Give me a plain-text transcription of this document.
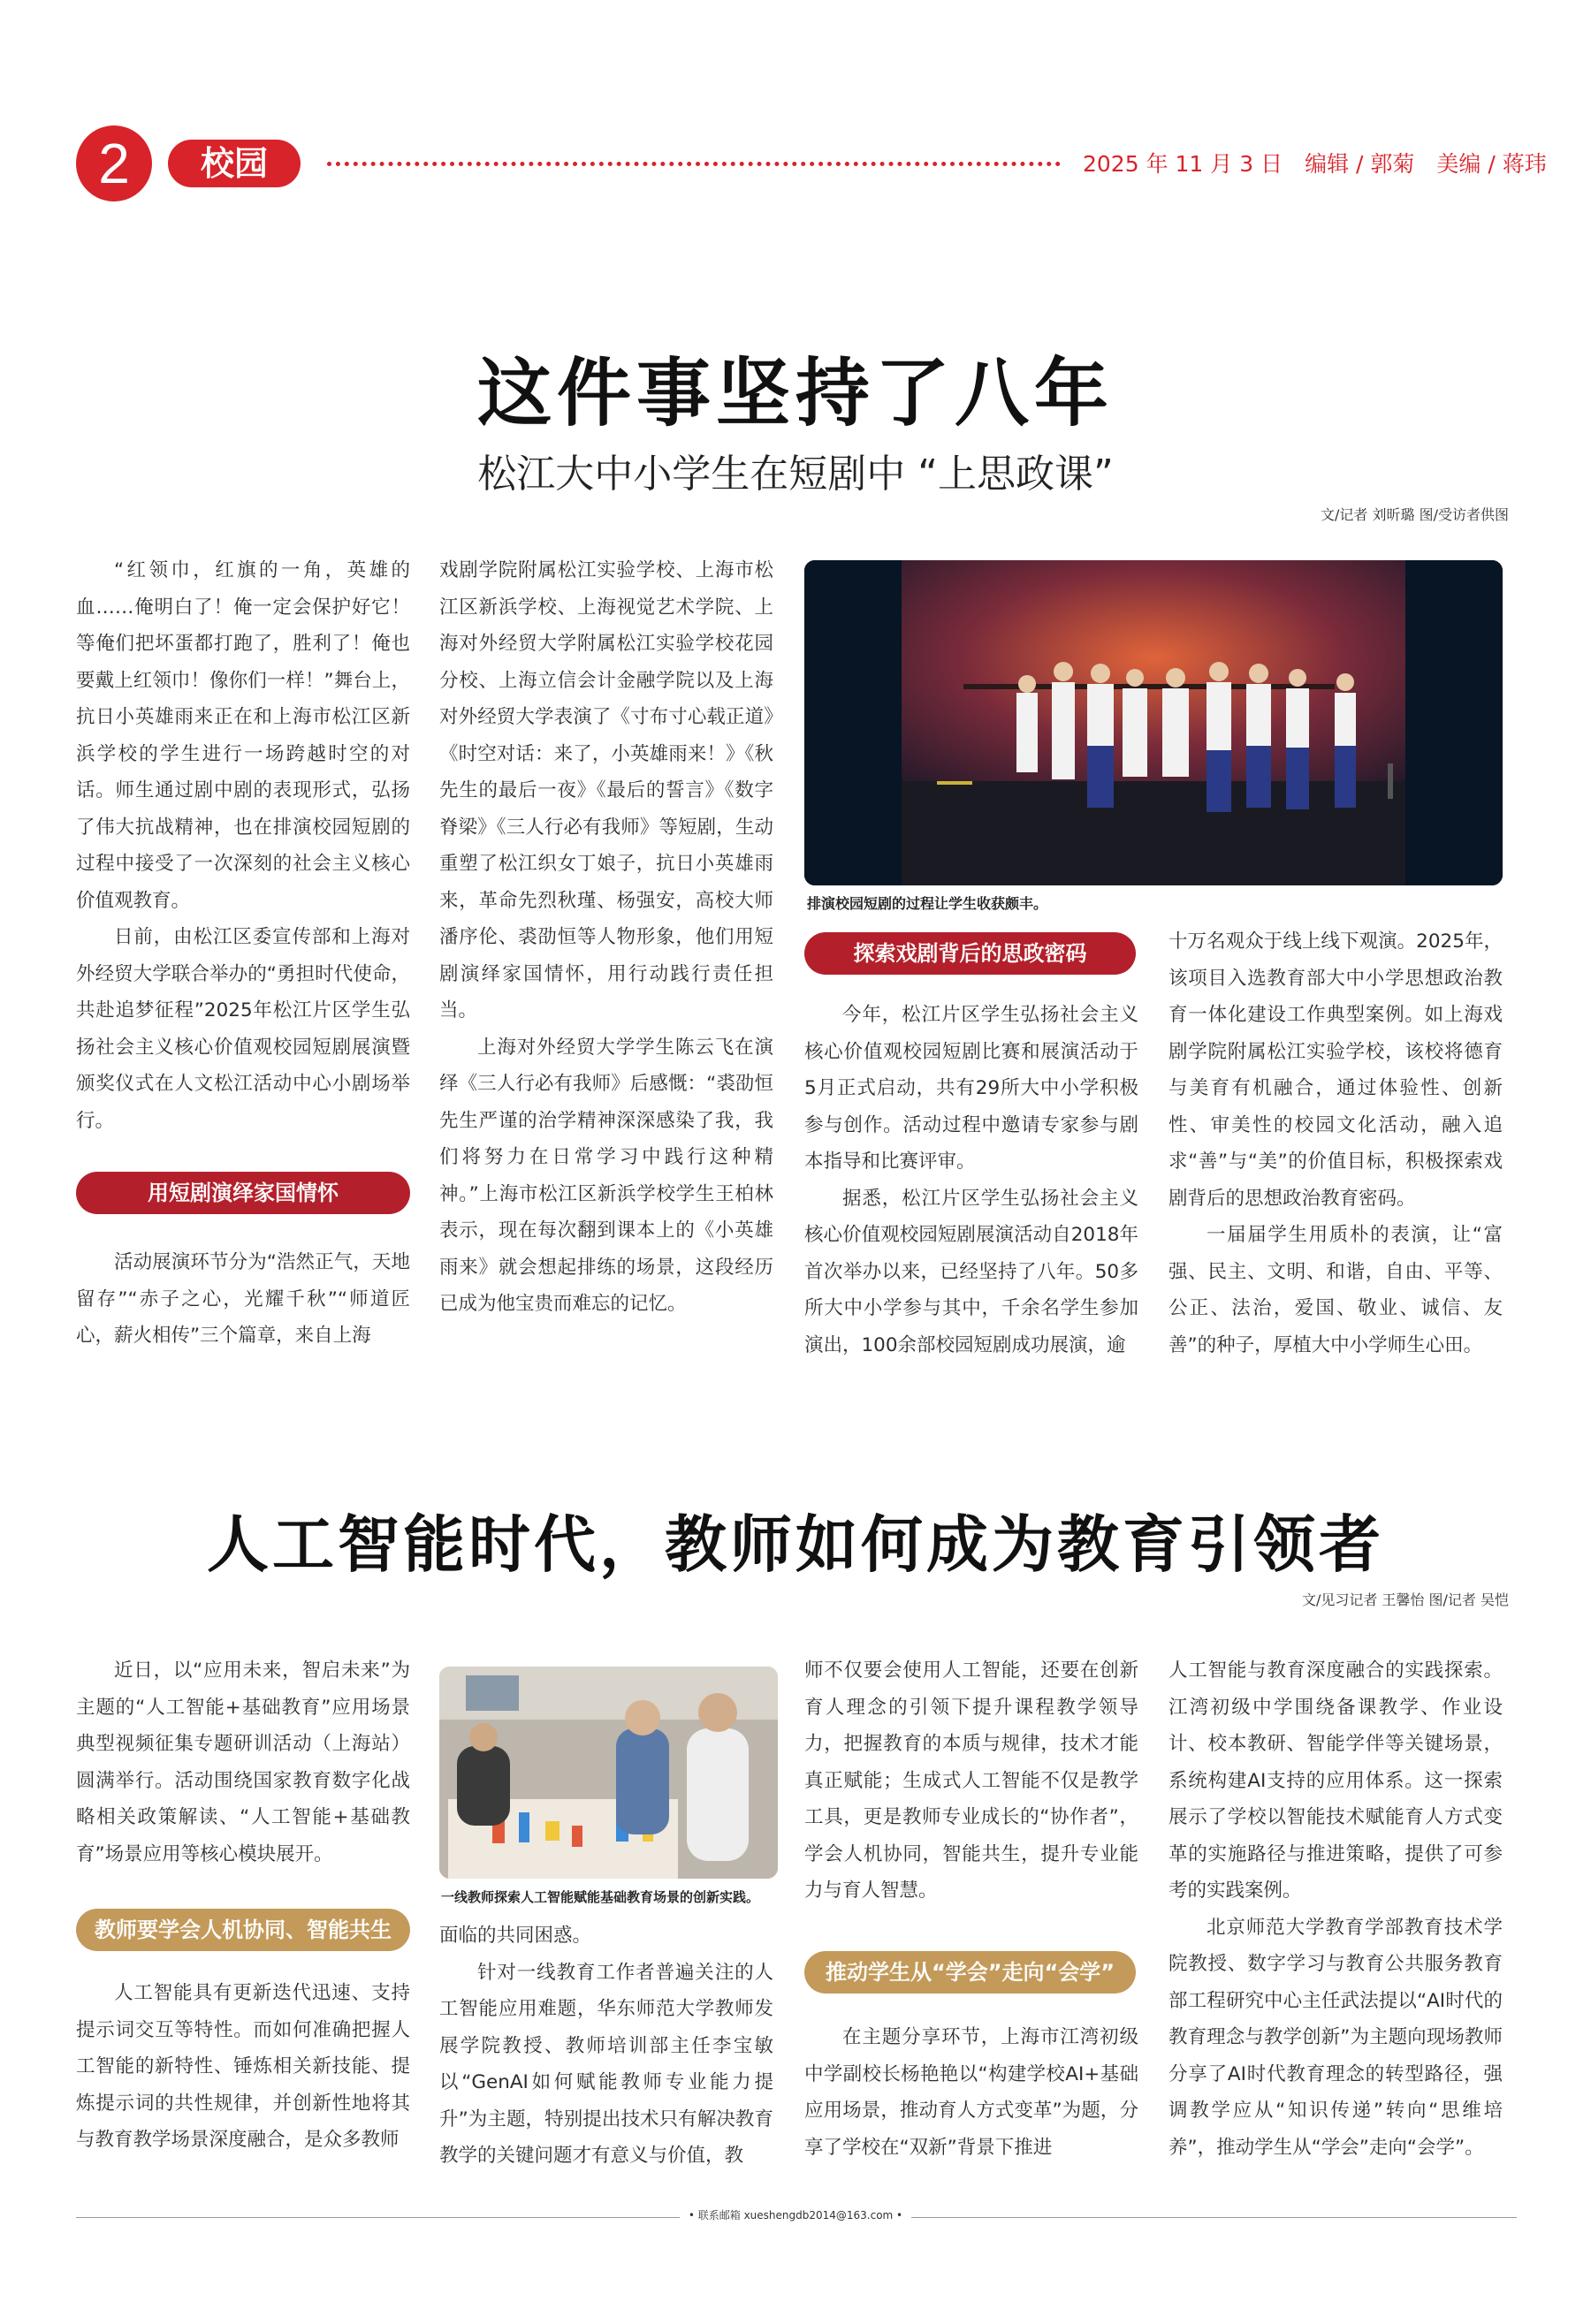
2	校园	2025 年 11 月 3 日　编辑 / 郭菊　美编 / 蒋玮
这件事坚持了八年
松江大中小学生在短剧中 “上思政课”
文/记者 刘昕璐 图/受访者供图

“红领巾，红旗的一角，英雄的血……俺明白了！俺一定会保护好它！等俺们把坏蛋都打跑了，胜利了！俺也要戴上红领巾！像你们一样！”舞台上，抗日小英雄雨来正在和上海市松江区新浜学校的学生进行一场跨越时空的对话。师生通过剧中剧的表现形式，弘扬了伟大抗战精神，也在排演校园短剧的过程中接受了一次深刻的社会主义核心价值观教育。

日前，由松江区委宣传部和上海对外经贸大学联合举办的“勇担时代使命，共赴追梦征程”2025年松江片区学生弘扬社会主义核心价值观校园短剧展演暨颁奖仪式在人文松江活动中心小剧场举行。

用短剧演绎家国情怀

活动展演环节分为“浩然正气，天地留存”“赤子之心，光耀千秋”“师道匠心，薪火相传”三个篇章，来自上海

戏剧学院附属松江实验学校、上海市松江区新浜学校、上海视觉艺术学院、上海对外经贸大学附属松江实验学校花园分校、上海立信会计金融学院以及上海对外经贸大学表演了《寸布寸心载正道》《时空对话：来了，小英雄雨来！》《秋先生的最后一夜》《最后的誓言》《数字脊梁》《三人行必有我师》等短剧，生动重塑了松江织女丁娘子，抗日小英雄雨来，革命先烈秋瑾、杨强安，高校大师潘序伦、裘劭恒等人物形象，他们用短剧演绎家国情怀，用行动践行责任担当。

上海对外经贸大学学生陈云飞在演绎《三人行必有我师》后感慨：“裘劭恒先生严谨的治学精神深深感染了我，我们将努力在日常学习中践行这种精神。”上海市松江区新浜学校学生王柏林表示，现在每次翻到课本上的《小英雄雨来》就会想起排练的场景，这段经历已成为他宝贵而难忘的记忆。

排演校园短剧的过程让学生收获颇丰。
探索戏剧背后的思政密码

今年，松江片区学生弘扬社会主义核心价值观校园短剧比赛和展演活动于5月正式启动，共有29所大中小学积极参与创作。活动过程中邀请专家参与剧本指导和比赛评审。

据悉，松江片区学生弘扬社会主义核心价值观校园短剧展演活动自2018年首次举办以来，已经坚持了八年。50多所大中小学参与其中，千余名学生参加演出，100余部校园短剧成功展演，逾

十万名观众于线上线下观演。2025年，该项目入选教育部大中小学思想政治教育一体化建设工作典型案例。如上海戏剧学院附属松江实验学校，该校将德育与美育有机融合，通过体验性、创新性、审美性的校园文化活动，融入追求“善”与“美”的价值目标，积极探索戏剧背后的思想政治教育密码。

一届届学生用质朴的表演，让“富强、民主、文明、和谐，自由、平等、公正、法治，爱国、敬业、诚信、友善”的种子，厚植大中小学师生心田。

人工智能时代，教师如何成为教育引领者
文/见习记者 王馨怡 图/记者 吴恺

近日，以“应用未来，智启未来”为主题的“人工智能+基础教育”应用场景典型视频征集专题研训活动（上海站）圆满举行。活动围绕国家教育数字化战略相关政策解读、“人工智能+基础教育”场景应用等核心模块展开。

教师要学会人机协同、智能共生

人工智能具有更新迭代迅速、支持提示词交互等特性。而如何准确把握人工智能的新特性、锤炼相关新技能、提炼提示词的共性规律，并创新性地将其与教育教学场景深度融合，是众多教师

一线教师探索人工智能赋能基础教育场景的创新实践。

面临的共同困惑。

针对一线教育工作者普遍关注的人工智能应用难题，华东师范大学教师发展学院教授、教师培训部主任李宝敏以“GenAI如何赋能教师专业能力提升”为主题，特别提出技术只有解决教育教学的关键问题才有意义与价值，教

师不仅要会使用人工智能，还要在创新育人理念的引领下提升课程教学领导力，把握教育的本质与规律，技术才能真正赋能；生成式人工智能不仅是教学工具，更是教师专业成长的“协作者”，学会人机协同，智能共生，提升专业能力与育人智慧。

推动学生从“学会”走向“会学”

在主题分享环节，上海市江湾初级中学副校长杨艳艳以“构建学校AI+基础应用场景，推动育人方式变革”为题，分享了学校在“双新”背景下推进

人工智能与教育深度融合的实践探索。江湾初级中学围绕备课教学、作业设计、校本教研、智能学伴等关键场景，系统构建AI支持的应用体系。这一探索展示了学校以智能技术赋能育人方式变革的实施路径与推进策略，提供了可参考的实践案例。

北京师范大学教育学部教育技术学院教授、数字学习与教育公共服务教育部工程研究中心主任武法提以“AI时代的教育理念与教学创新”为主题向现场教师分享了AI时代教育理念的转型路径，强调教学应从“知识传递”转向“思维培养”，推动学生从“学会”走向“会学”。

• 联系邮箱 xueshengdb2014@163.com •
